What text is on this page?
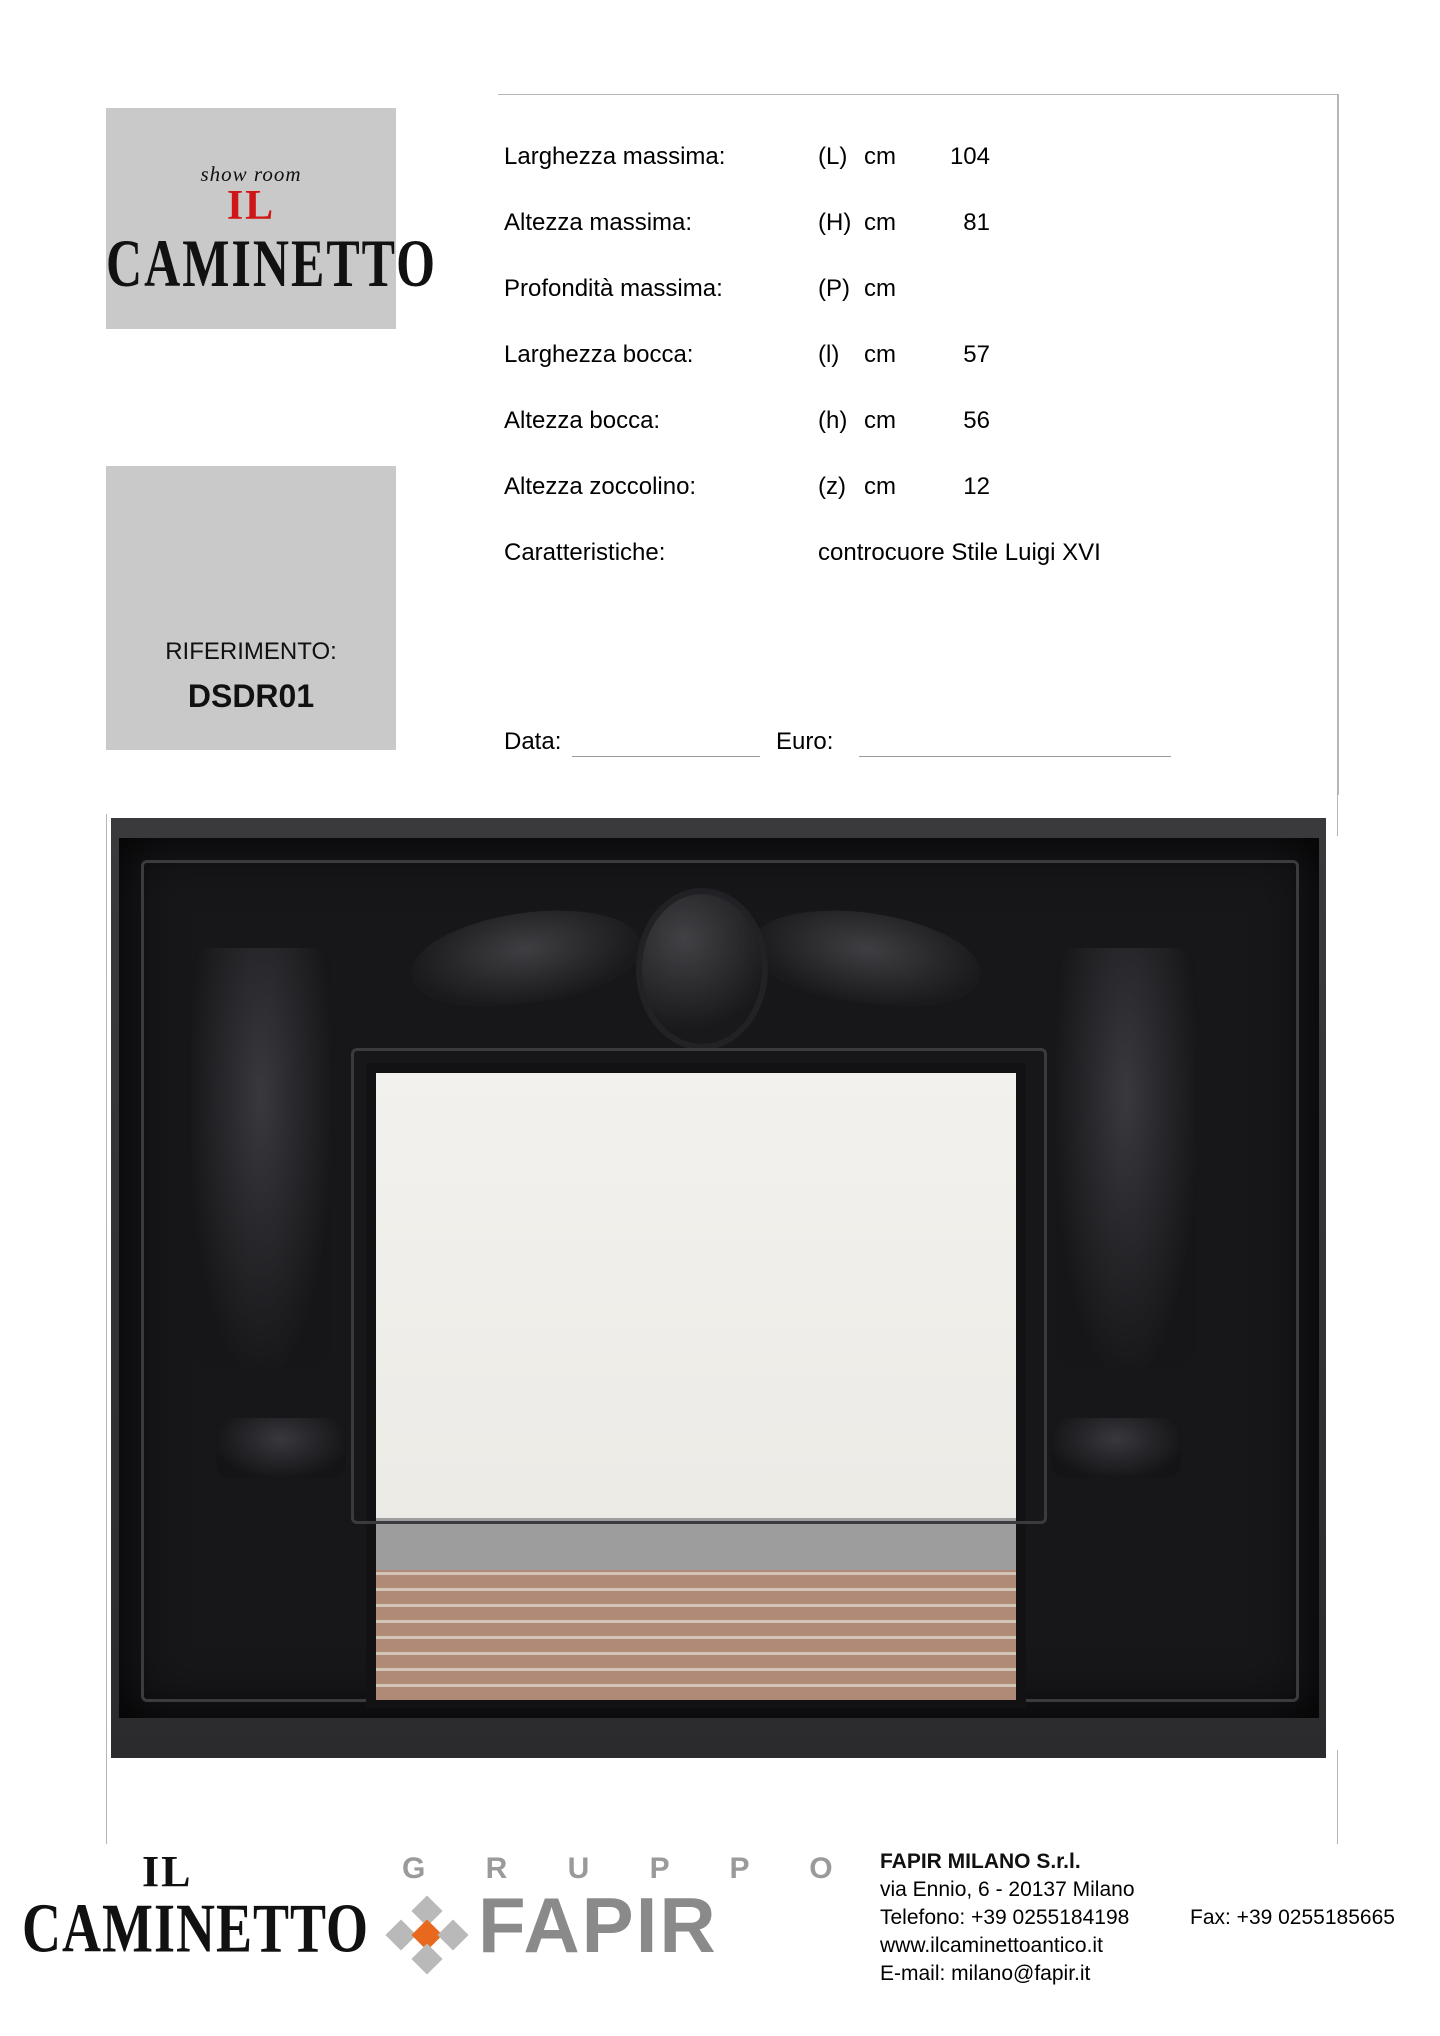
show room
IL
CAMINETTO
RIFERIMENTO:
DSDR01
Larghezza massima:	(L) cm	104
Altezza massima:	(H) cm	81
Profondità massima:	(P) cm
Larghezza bocca:	(l) cm	57
Altezza bocca:	(h) cm	56
Altezza zoccolino:	(z) cm	12
Caratteristiche:	controcuore Stile Luigi XVI
Data:	Euro:
IL
CAMINETTO
G R U P P O
FAPIR
FAPIR MILANO S.r.l.
via Ennio, 6 - 20137 Milano
Telefono: +39 0255184198	Fax: +39 0255185665
www.ilcaminettoantico.it
E-mail: milano@fapir.it
